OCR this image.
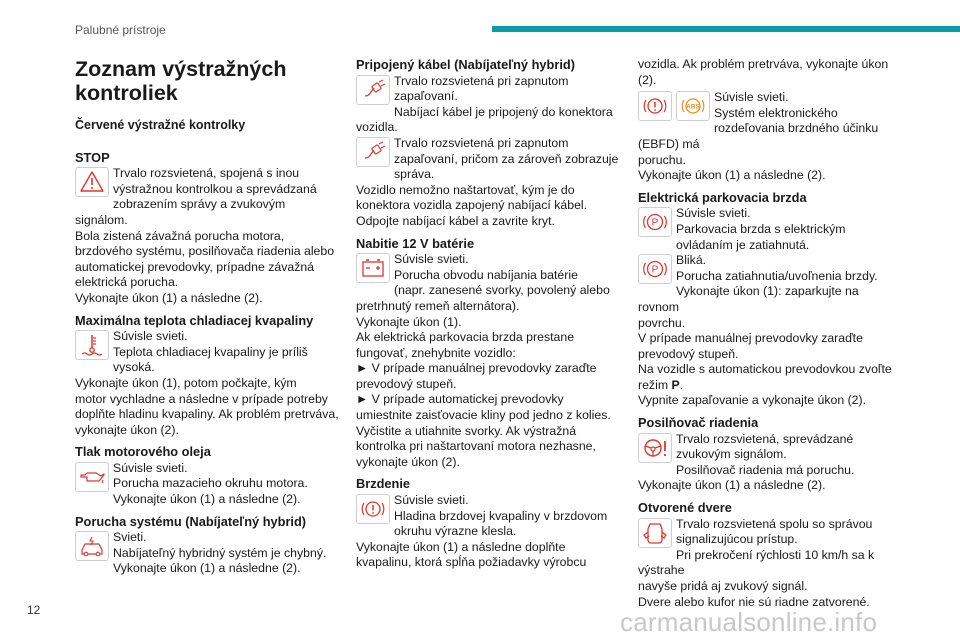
Palubné prístroje
Zoznam výstražných kontroliek
Červené výstražné kontrolky
STOP
Trvalo rozsvietená, spojená s inou
výstražnou kontrolkou a sprevádzaná
zobrazením správy a zvukovým signálom.
Bola zistená závažná porucha motora,
brzdového systému, posilňovača riadenia alebo
automatickej prevodovky, prípadne závažná
elektrická porucha.
Vykonajte úkon (1) a následne (2).
Maximálna teplota chladiacej kvapaliny
Súvisle svieti.
Teplota chladiacej kvapaliny je príliš
vysoká.
Vykonajte úkon (1), potom počkajte, kým
motor vychladne a následne v prípade potreby
doplňte hladinu kvapaliny. Ak problém pretrváva,
vykonajte úkon (2).
Tlak motorového oleja
Súvisle svieti.
Porucha mazacieho okruhu motora.
Vykonajte úkon (1) a následne (2).
Porucha systému (Nabíjateľný hybrid)
Svieti.
Nabíjateľný hybridný systém je chybný.
Vykonajte úkon (1) a následne (2).
Pripojený kábel (Nabíjateľný hybrid)
Trvalo rozsvietená pri zapnutom
zapaľovaní.
Nabíjací kábel je pripojený do konektora vozidla.
Trvalo rozsvietená pri zapnutom
zapaľovaní, pričom za zároveň zobrazuje
správa.
Vozidlo nemožno naštartovať, kým je do
konektora vozidla zapojený nabíjací kábel.
Odpojte nabíjací kábel a zavrite kryt.
Nabitie 12 V batérie
Súvisle svieti.
Porucha obvodu nabíjania batérie
(napr. zanesené svorky, povolený alebo
pretrhnutý remeň alternátora).
Vykonajte úkon (1).
Ak elektrická parkovacia brzda prestane
fungovať, znehybnite vozidlo:
► V prípade manuálnej prevodovky zaraďte
prevodový stupeň.
► V prípade automatickej prevodovky
umiestnite zaisťovacie kliny pod jedno z kolies.
Vyčistite a utiahnite svorky. Ak výstražná
kontrolka pri naštartovaní motora nezhasne,
vykonajte úkon (2).
Brzdenie
Súvisle svieti.
Hladina brzdovej kvapaliny v brzdovom
okruhu výrazne klesla.
Vykonajte úkon (1) a následne doplňte
kvapalinu, ktorá spĺňa požiadavky výrobcu
vozidla. Ak problém pretrváva, vykonajte úkon
(2).
ABS
Súvisle svieti.
Systém elektronického
rozdeľovania brzdného účinku (EBFD) má
poruchu.
Vykonajte úkon (1) a následne (2).
Elektrická parkovacia brzda
P
Súvisle svieti.
Parkovacia brzda s elektrickým
ovládaním je zatiahnutá.
P
Bliká.
Porucha zatiahnutia/uvoľnenia brzdy.
Vykonajte úkon (1): zaparkujte na rovnom
povrchu.
V prípade manuálnej prevodovky zaraďte
prevodový stupeň.
Na vozidle s automatickou prevodovkou zvoľte
režim P.
Vypnite zapaľovanie a vykonajte úkon (2).
Posilňovač riadenia
Trvalo rozsvietená, sprevádzané
zvukovým signálom.
Posilňovač riadenia má poruchu.
Vykonajte úkon (1) a následne (2).
Otvorené dvere
Trvalo rozsvietená spolu so správou
signalizujúcou prístup.
Pri prekročení rýchlosti 10 km/h sa k výstrahe
navyše pridá aj zvukový signál.
Dvere alebo kufor nie sú riadne zatvorené.
12	carmanualsonline.info
